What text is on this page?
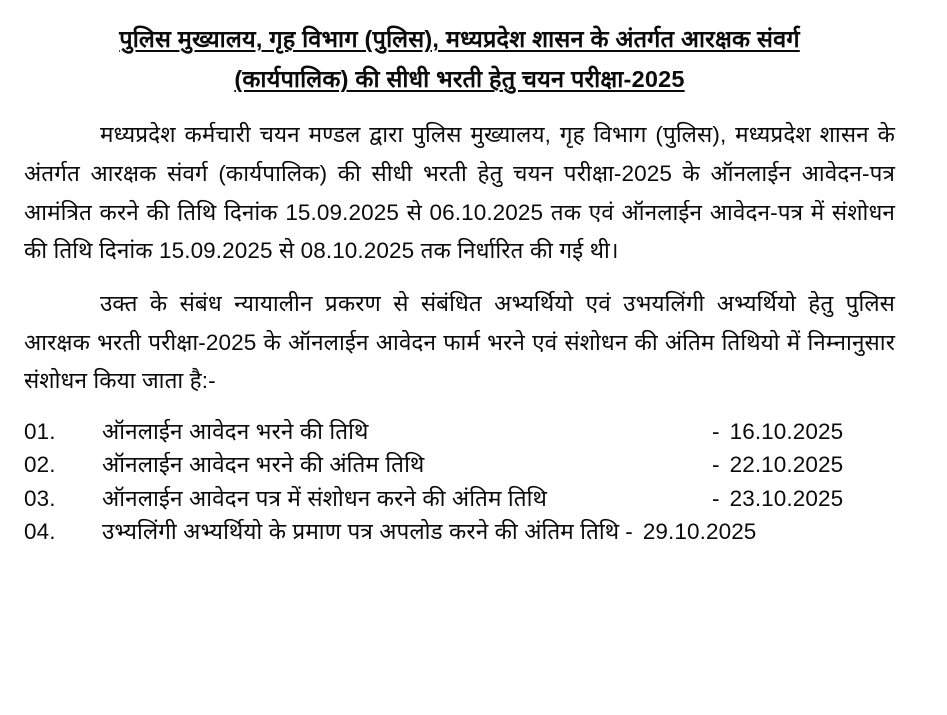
पुलिस मुख्यालय, गृह विभाग (पुलिस), मध्यप्रदेश शासन के अंतर्गत आरक्षक संवर्ग
(कार्यपालिक) की सीधी भरती हेतु चयन परीक्षा-2025

मध्यप्रदेश कर्मचारी चयन मण्डल द्वारा पुलिस मुख्यालय, गृह विभाग (पुलिस), मध्यप्रदेश शासन के अंतर्गत आरक्षक संवर्ग (कार्यपालिक) की सीधी भरती हेतु चयन परीक्षा-2025 के ऑनलाईन आवेदन-पत्र आमंत्रित करने की तिथि दिनांक 15.09.2025 से 06.10.2025 तक एवं ऑनलाईन आवेदन-पत्र में संशोधन की तिथि दिनांक 15.09.2025 से 08.10.2025 तक निर्धारित की गई थी।

उक्त के संबंध न्यायालीन प्रकरण से संबंधित अभ्यर्थियो एवं उभयलिंगी अभ्यर्थियो हेतु पुलिस आरक्षक भरती परीक्षा-2025 के ऑनलाईन आवेदन फार्म भरने एवं संशोधन की अंतिम तिथियो में निम्नानुसार संशोधन किया जाता है:-

01.	ऑनलाईन आवेदन भरने की तिथि	- 16.10.2025
02.	ऑनलाईन आवेदन भरने की अंतिम तिथि	- 22.10.2025
03.	ऑनलाईन आवेदन पत्र में संशोधन करने की अंतिम तिथि	- 23.10.2025
04.	उभ्यलिंगी अभ्यर्थियो के प्रमाण पत्र अपलोड करने की अंतिम तिथि - 29.10.2025
